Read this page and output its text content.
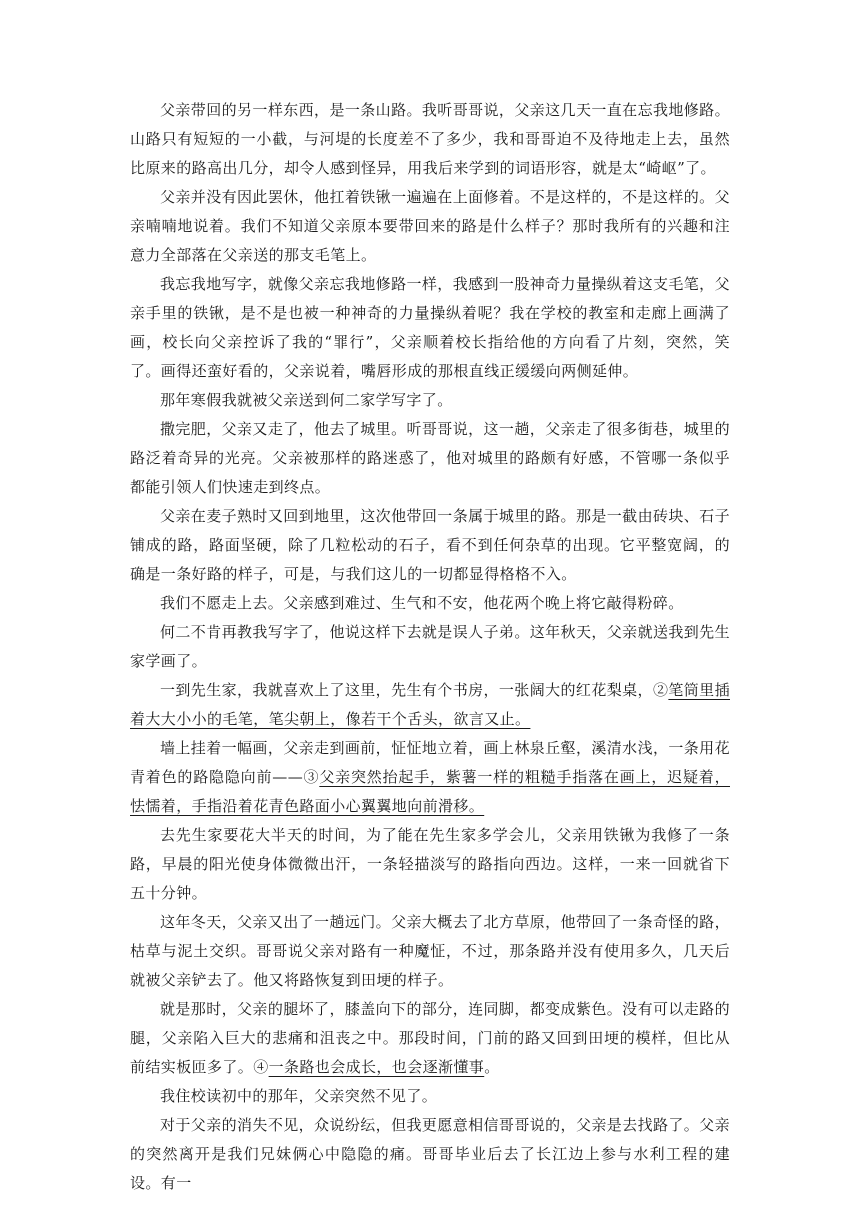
父亲带回的另一样东西，是一条山路。我听哥哥说，父亲这几天一直在忘我地修路。山路只有短短的一小截，与河堤的长度差不了多少，我和哥哥迫不及待地走上去，虽然比原来的路高出几分，却令人感到怪异，用我后来学到的词语形容，就是太“崎岖”了。

父亲并没有因此罢休，他扛着铁锹一遍遍在上面修着。不是这样的，不是这样的。父亲喃喃地说着。我们不知道父亲原本要带回来的路是什么样子？那时我所有的兴趣和注意力全部落在父亲送的那支毛笔上。

我忘我地写字，就像父亲忘我地修路一样，我感到一股神奇力量操纵着这支毛笔，父亲手里的铁锹，是不是也被一种神奇的力量操纵着呢？我在学校的教室和走廊上画满了画，校长向父亲控诉了我的“罪行”，父亲顺着校长指给他的方向看了片刻，突然，笑了。画得还蛮好看的，父亲说着，嘴唇形成的那根直线正缓缓向两侧延伸。

那年寒假我就被父亲送到何二家学写字了。

撒完肥，父亲又走了，他去了城里。听哥哥说，这一趟，父亲走了很多街巷，城里的路泛着奇异的光亮。父亲被那样的路迷惑了，他对城里的路颇有好感，不管哪一条似乎都能引领人们快速走到终点。

父亲在麦子熟时又回到地里，这次他带回一条属于城里的路。那是一截由砖块、石子铺成的路，路面坚硬，除了几粒松动的石子，看不到任何杂草的出现。它平整宽阔，的确是一条好路的样子，可是，与我们这儿的一切都显得格格不入。

我们不愿走上去。父亲感到难过、生气和不安，他花两个晚上将它敲得粉碎。

何二不肯再教我写字了，他说这样下去就是误人子弟。这年秋天，父亲就送我到先生家学画了。

一到先生家，我就喜欢上了这里，先生有个书房，一张阔大的红花梨桌，②笔筒里插着大大小小的毛笔，笔尖朝上，像若干个舌头，欲言又止。

墙上挂着一幅画，父亲走到画前，怔怔地立着，画上林泉丘壑，溪清水浅，一条用花青着色的路隐隐向前——③父亲突然抬起手，紫薯一样的粗糙手指落在画上，迟疑着，怯懦着，手指沿着花青色路面小心翼翼地向前滑移。

去先生家要花大半天的时间，为了能在先生家多学会儿，父亲用铁锹为我修了一条路，早晨的阳光使身体微微出汗，一条轻描淡写的路指向西边。这样，一来一回就省下五十分钟。

这年冬天，父亲又出了一趟远门。父亲大概去了北方草原，他带回了一条奇怪的路，枯草与泥土交织。哥哥说父亲对路有一种魔怔，不过，那条路并没有使用多久，几天后就被父亲铲去了。他又将路恢复到田埂的样子。

就是那时，父亲的腿坏了，膝盖向下的部分，连同脚，都变成紫色。没有可以走路的腿，父亲陷入巨大的悲痛和沮丧之中。那段时间，门前的路又回到田埂的模样，但比从前结实板匝多了。④一条路也会成长，也会逐渐懂事。

我住校读初中的那年，父亲突然不见了。

对于父亲的消失不见，众说纷纭，但我更愿意相信哥哥说的，父亲是去找路了。父亲的突然离开是我们兄妹俩心中隐隐的痛。哥哥毕业后去了长江边上参与水利工程的建设。有一
